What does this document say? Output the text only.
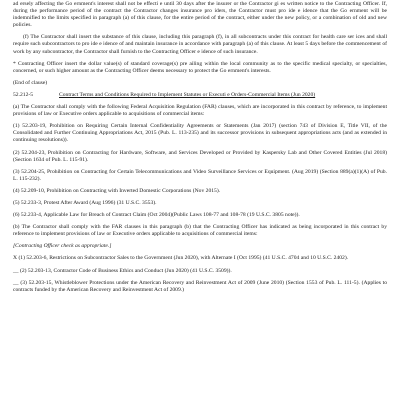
ad ersely affecting the Go ernment's interest shall not be effecti e until 30 days after the insurer or the Contractor gi es written notice to the Contracting Officer. If, during the performance period of the contract the Contractor changes insurance pro iders, the Contractor must pro ide e idence that the Go ernment will be indemnified to the limits specified in paragraph (a) of this clause, for the entire period of the contract, either under the new policy, or a combination of old and new policies.

(f) The Contractor shall insert the substance of this clause, including this paragraph (f), in all subcontracts under this contract for health care ser ices and shall require such subcontractors to pro ide e idence of and maintain insurance in accordance with paragraph (a) of this clause. At least 5 days before the commencement of work by any subcontractor, the Contractor shall furnish to the Contracting Officer e idence of such insurance.

* Contracting Officer insert the dollar value(s) of standard coverage(s) pre ailing within the local community as to the specific medical specialty, or specialties, concerned, or such higher amount as the Contracting Officer deems necessary to protect the Go ernment's interests.

(End of clause)

52.212-5	Contract Terms and Conditions Required to Implement Statutes or Executi e Orders-Commercial Items (Jun 2020)

(a) The Contractor shall comply with the following Federal Acquisition Regulation (FAR) clauses, which are incorporated in this contract by reference, to implement provisions of law or Executive orders applicable to acquisitions of commercial items:

(1) 52.203-19, Prohibition on Requiring Certain Internal Confidentiality Agreements or Statements (Jan 2017) (section 743 of Division E, Title VII, of the Consolidated and Further Continuing Appropriations Act, 2015 (Pub. L. 113-235) and its successor provisions in subsequent appropriations acts (and as extended in continuing resolutions)).

(2) 52.204-23, Prohibition on Contracting for Hardware, Software, and Services Developed or Provided by Kaspersky Lab and Other Covered Entities (Jul 2018) (Section 1634 of Pub. L. 115-91).

(3) 52.204-25, Prohibition on Contracting for Certain Telecommunications and Video Surveillance Services or Equipment. (Aug 2019) (Section 889(a)(1)(A) of Pub. L. 115-232).

(4) 52.209-10, Prohibition on Contracting with Inverted Domestic Corporations (Nov 2015).

(5) 52.233-3, Protest After Award (Aug 1996) (31 U.S.C. 3553).

(6) 52.233-4, Applicable Law for Breach of Contract Claim (Oct 2004)(Public Laws 108-77 and 108-78 (19 U.S.C. 3805 note)).

(b) The Contractor shall comply with the FAR clauses in this paragraph (b) that the Contracting Officer has indicated as being incorporated in this contract by reference to implement provisions of law or Executive orders applicable to acquisitions of commercial items:

[Contracting Officer check as appropriate.]

X (1) 52.203-6, Restrictions on Subcontractor Sales to the Government (Jun 2020), with Alternate I (Oct 1995) (41 U.S.C. 4704 and 10 U.S.C. 2402).

__ (2) 52.203-13, Contractor Code of Business Ethics and Conduct (Jun 2020) (41 U.S.C. 3509)).

__ (3) 52.203-15, Whistleblower Protections under the American Recovery and Reinvestment Act of 2009 (June 2010) (Section 1553 of Pub. L. 111-5). (Applies to contracts funded by the American Recovery and Reinvestment Act of 2009.)
